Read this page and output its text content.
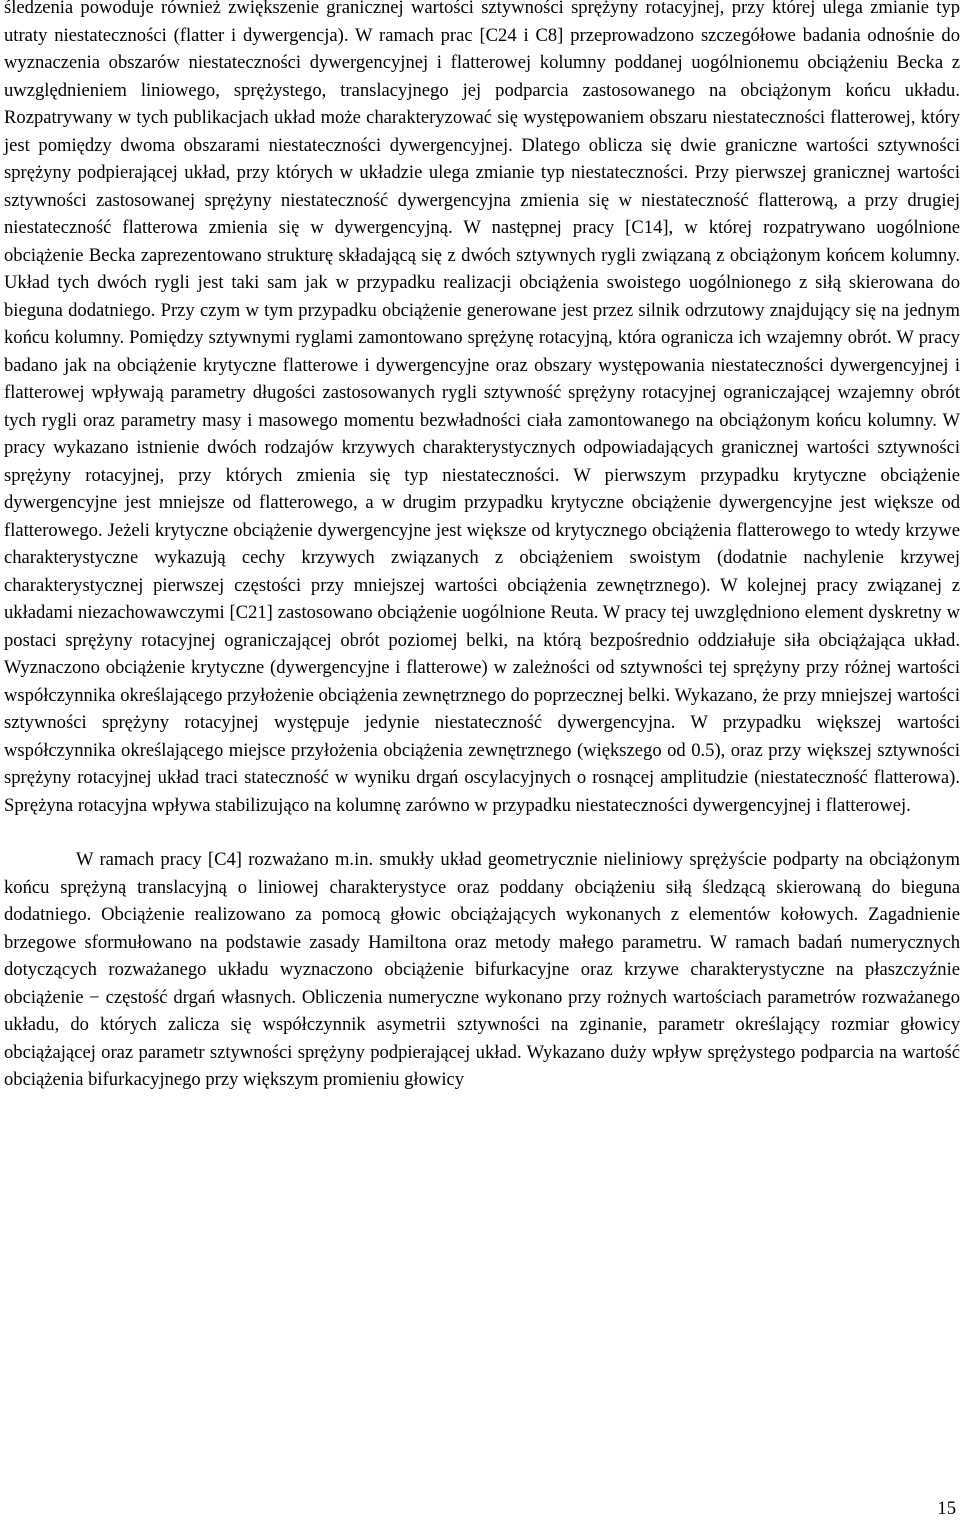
śledzenia powoduje również zwiększenie granicznej wartości sztywności sprężyny rotacyjnej, przy której ulega zmianie typ utraty niestateczności (flatter i dywergencja). W ramach prac [C24 i C8] przeprowadzono szczegółowe badania odnośnie do wyznaczenia obszarów niestateczności dywergencyjnej i flatterowej kolumny poddanej uogólnionemu obciążeniu Becka z uwzględnieniem liniowego, sprężystego, translacyjnego jej podparcia zastosowanego na obciążonym końcu układu. Rozpatrywany w tych publikacjach układ może charakteryzować się występowaniem obszaru niestateczności flatterowej, który jest pomiędzy dwoma obszarami niestateczności dywergencyjnej. Dlatego oblicza się dwie graniczne wartości sztywności sprężyny podpierającej układ, przy których w układzie ulega zmianie typ niestateczności. Przy pierwszej granicznej wartości sztywności zastosowanej sprężyny niestateczność dywergencyjna zmienia się w niestateczność flatterową, a przy drugiej niestateczność flatterowa zmienia się w dywergencyjną. W następnej pracy [C14], w której rozpatrywano uogólnione obciążenie Becka zaprezentowano strukturę składającą się z dwóch sztywnych rygli związaną z obciążonym końcem kolumny. Układ tych dwóch rygli jest taki sam jak w przypadku realizacji obciążenia swoistego uogólnionego z siłą skierowana do bieguna dodatniego. Przy czym w tym przypadku obciążenie generowane jest przez silnik odrzutowy znajdujący się na jednym końcu kolumny. Pomiędzy sztywnymi ryglami zamontowano sprężynę rotacyjną, która ogranicza ich wzajemny obrót. W pracy badano jak na obciążenie krytyczne flatterowe i dywergencyjne oraz obszary występowania niestateczności dywergencyjnej i flatterowej wpływają parametry długości zastosowanych rygli sztywność sprężyny rotacyjnej ograniczającej wzajemny obrót tych rygli oraz parametry masy i masowego momentu bezwładności ciała zamontowanego na obciążonym końcu kolumny. W pracy wykazano istnienie dwóch rodzajów krzywych charakterystycznych odpowiadających granicznej wartości sztywności sprężyny rotacyjnej, przy których zmienia się typ niestateczności. W pierwszym przypadku krytyczne obciążenie dywergencyjne jest mniejsze od flatterowego, a w drugim przypadku krytyczne obciążenie dywergencyjne jest większe od flatterowego. Jeżeli krytyczne obciążenie dywergencyjne jest większe od krytycznego obciążenia flatterowego to wtedy krzywe charakterystyczne wykazują cechy krzywych związanych z obciążeniem swoistym (dodatnie nachylenie krzywej charakterystycznej pierwszej częstości przy mniejszej wartości obciążenia zewnętrznego). W kolejnej pracy związanej z układami niezachowawczymi [C21] zastosowano obciążenie uogólnione Reuta. W pracy tej uwzględniono element dyskretny w postaci sprężyny rotacyjnej ograniczającej obrót poziomej belki, na którą bezpośrednio oddziałuje siła obciążająca układ. Wyznaczono obciążenie krytyczne (dywergencyjne i flatterowe) w zależności od sztywności tej sprężyny przy różnej wartości współczynnika określającego przyłożenie obciążenia zewnętrznego do poprzecznej belki. Wykazano, że przy mniejszej wartości sztywności sprężyny rotacyjnej występuje jedynie niestateczność dywergencyjna. W przypadku większej wartości współczynnika określającego miejsce przyłożenia obciążenia zewnętrznego (większego od 0.5), oraz przy większej sztywności sprężyny rotacyjnej układ traci stateczność w wyniku drgań oscylacyjnych o rosnącej amplitudzie (niestateczność flatterowa). Sprężyna rotacyjna wpływa stabilizująco na kolumnę zarówno w przypadku niestateczności dywergencyjnej i flatterowej.

W ramach pracy [C4] rozważano m.in. smukły układ geometrycznie nieliniowy sprężyście podparty na obciążonym końcu sprężyną translacyjną o liniowej charakterystyce oraz poddany obciążeniu siłą śledzącą skierowaną do bieguna dodatniego. Obciążenie realizowano za pomocą głowic obciążających wykonanych z elementów kołowych. Zagadnienie brzegowe sformułowano na podstawie zasady Hamiltona oraz metody małego parametru. W ramach badań numerycznych dotyczących rozważanego układu wyznaczono obciążenie bifurkacyjne oraz krzywe charakterystyczne na płaszczyźnie obciążenie − częstość drgań własnych. Obliczenia numeryczne wykonano przy rożnych wartościach parametrów rozważanego układu, do których zalicza się współczynnik asymetrii sztywności na zginanie, parametr określający rozmiar głowicy obciążającej oraz parametr sztywności sprężyny podpierającej układ. Wykazano duży wpływ sprężystego podparcia na wartość obciążenia bifurkacyjnego przy większym promieniu głowicy

15
